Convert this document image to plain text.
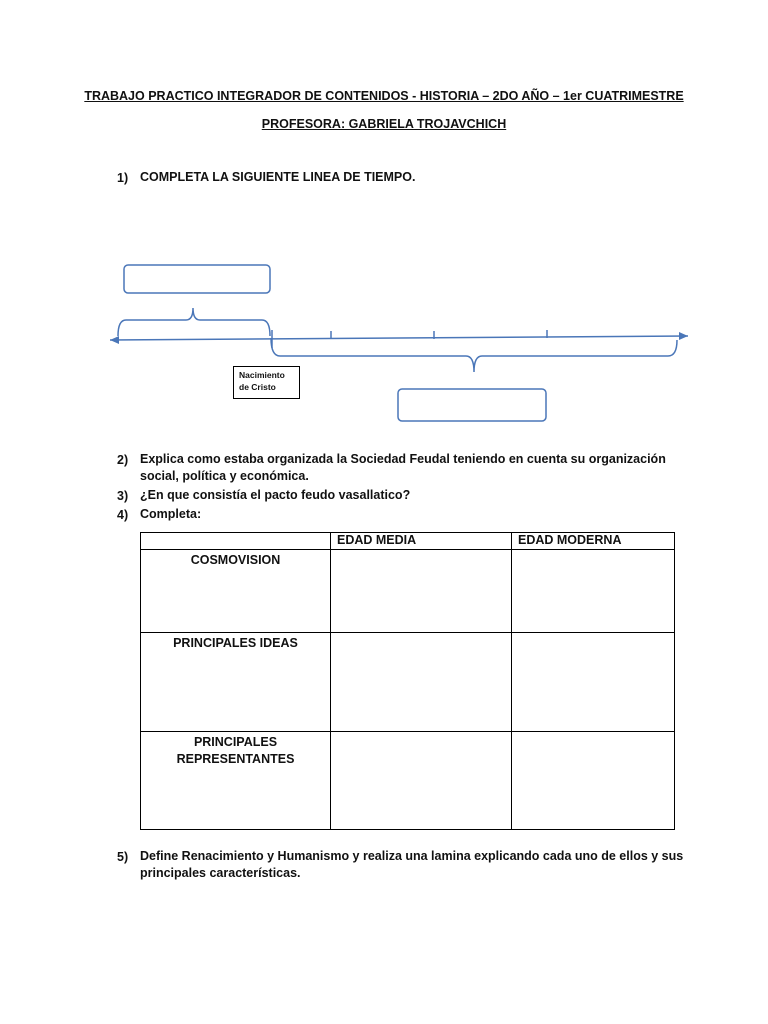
TRABAJO PRACTICO INTEGRADOR DE CONTENIDOS - HISTORIA – 2DO AÑO – 1er CUATRIMESTRE
PROFESORA: GABRIELA TROJAVCHICH
1) COMPLETA LA SIGUIENTE LINEA DE TIEMPO.
Nacimiento
de Cristo
2) Explica como estaba organizada la Sociedad Feudal teniendo en cuenta su organización
social, política y económica.
3) ¿En que consistía el pacto feudo vasallatico?
4) Completa:
	EDAD MEDIA	EDAD MODERNA

COSMOVISION		

PRINCIPALES IDEAS		

PRINCIPALES
REPRESENTANTES		

5) Define Renacimiento y Humanismo y realiza una lamina explicando cada uno de ellos y sus
principales características.
